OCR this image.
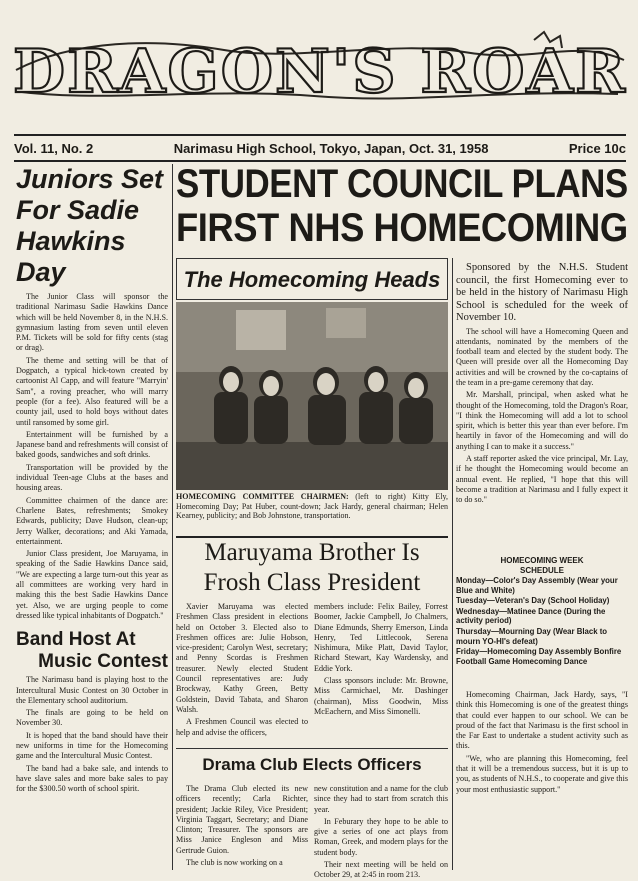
DRAGON'S ROAR
Vol. 11, No. 2	Narimasu High School, Tokyo, Japan, Oct. 31, 1958	Price 10c
Juniors Set
For Sadie
Hawkins Day

The Junior Class will sponsor the traditional Narimasu Sadie Hawkins Dance which will be held November 8, in the N.H.S. gymnasium lasting from seven until eleven P.M. Tickets will be sold for fifty cents (stag or drag).

The theme and setting will be that of Dogpatch, a typical hick-town created by cartoonist Al Capp, and will feature "Marryin' Sam", a roving preacher, who will marry people (for a fee). Also featured will be a county jail, used to hold boys without dates until ransomed by some girl.

Entertainment will be furnished by a Japanese band and refreshments will consist of baked goods, sandwiches and soft drinks.

Transportation will be provided by the individual Teen-age Clubs at the bases and housing areas.

Committee chairmen of the dance are: Charlene Bates, refreshments; Smokey Edwards, publicity; Dave Hudson, clean-up; Jerry Walker, decorations; and Aki Yamada, entertainment.

Junior Class president, Joe Maruyama, in speaking of the Sadie Hawkins Dance said, "We are expecting a large turn-out this year as all committees are working very hard in making this the best Sadie Hawkins Dance yet. Also, we are urging people to come dressed like typical inhabitants of Dogpatch."

Band Host At
Music Contest

The Narimasu band is playing host to the Intercultural Music Contest on 30 October in the Elementary school auditorium.

The finals are going to be held on November 30.

It is hoped that the band should have their new uniforms in time for the Homecoming game and the Intercultural Music Contest.

The band had a bake sale, and intends to have slave sales and more bake sales to pay for the $300.50 worth of school spirit.

STUDENT COUNCIL PLANS
FIRST NHS HOMECOMING
The Homecoming Heads
HOMECOMING COMMITTEE CHAIRMEN: (left to right) Kitty Ely, Homecoming Day; Pat Huber, count-down; Jack Hardy, general chairman; Helen Kearney, publicity; and Bob Johnstone, transportation.

Sponsored by the N.H.S. Student council, the first Homecoming ever to be held in the history of Narimasu High School is scheduled for the week of November 10.

The school will have a Homecoming Queen and attendants, nominated by the members of the football team and elected by the student body. The Queen will preside over all the Homecoming Day activities and will be crowned by the co-captains of the team in a pre-game ceremony that day.

Mr. Marshall, principal, when asked what he thought of the Homecoming, told the Dragon's Roar, "I think the Homecoming will add a lot to school spirit, which is better this year than ever before. I'm heartily in favor of the Homecoming and will do anything I can to make it a success."

A staff reporter asked the vice principal, Mr. Lay, if he thought the Homecoming would become an annual event. He replied, "I hope that this will become a tradition at Narimasu and I fully expect it to do so."

HOMECOMING WEEK
SCHEDULE
Monday—Color's Day Assembly (Wear your Blue and White)
Tuesday—Veteran's Day (School Holiday)
Wednesday—Matinee Dance (During the activity period)
Thursday—Mourning Day (Wear Black to mourn YO-HI's defeat)
Friday—Homecoming Day Assembly Bonfire Football Game Homecoming Dance

Homecoming Chairman, Jack Hardy, says, "I think this Homecoming is one of the greatest things that could ever happen to our school. We can be proud of the fact that Narimasu is the first school in the Far East to undertake a student activity such as this.

"We, who are planning this Homecoming, feel that it will be a tremendous success, but it is up to you, as students of N.H.S., to cooperate and give this your most enthusiastic support."

Maruyama Brother Is
Frosh Class President

Xavier Maruyama was elected Freshmen Class president in elections held on October 3. Elected also to Freshmen offices are: Julie Hobson, vice-president; Carolyn West, secretary; and Penny Scordas is Freshmen treasurer. Newly elected Student Council representatives are: Judy Brockway, Kathy Green, Betty Goldstein, David Tabata, and Sharon Walsh.

A Freshmen Council was elected to help and advise the officers,

members include: Felix Bailey, Forrest Boomer, Jackie Campbell, Jo Chalmers, Diane Edmunds, Sherry Emerson, Linda Henry, Ted Littlecook, Serena Nishimura, Mike Platt, David Taylor, Richard Stewart, Kay Wardensky, and Eddie York.

Class sponsors include: Mr. Browne, Miss Carmichael, Mr. Dashinger (chairman), Miss Goodwin, Miss McEachern, and Miss Simonelli.

Drama Club Elects Officers

The Drama Club elected its new officers recently; Carla Richter, president; Jackie Riley, Vice President; Virginia Taggart, Secretary; and Diane Clinton; Treasurer. The sponsors are Miss Janice Engleson and Miss Gertrude Guion.

The club is now working on a

new constitution and a name for the club since they had to start from scratch this year.

In Feburary they hope to be able to give a series of one act plays from Roman, Greek, and modern plays for the student body.

Their next meeting will be held on October 29, at 2:45 in room 213.
